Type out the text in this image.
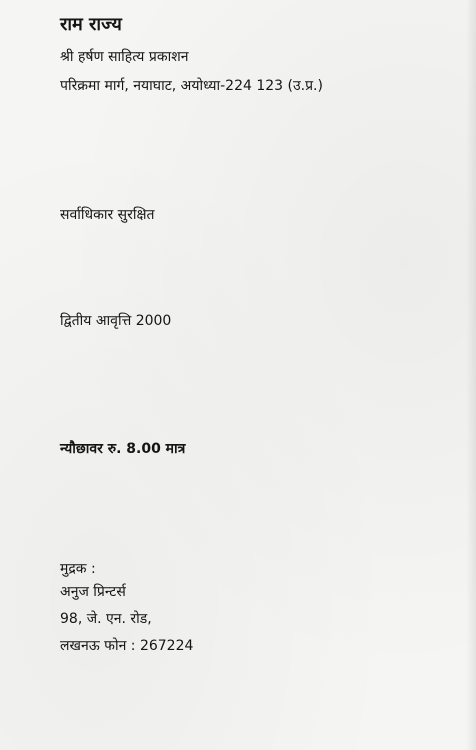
राम राज्य
श्री हर्षण साहित्य प्रकाशन
परिक्रमा मार्ग, नयाघाट, अयोध्या-224 123 (उ.प्र.)
सर्वाधिकार सुरक्षित
द्वितीय आवृत्ति 2000
न्यौछावर रु. 8.00 मात्र
मुद्रक :
अनुज प्रिन्टर्स
98, जे. एन. रोड,
लखनऊ फोन : 267224
